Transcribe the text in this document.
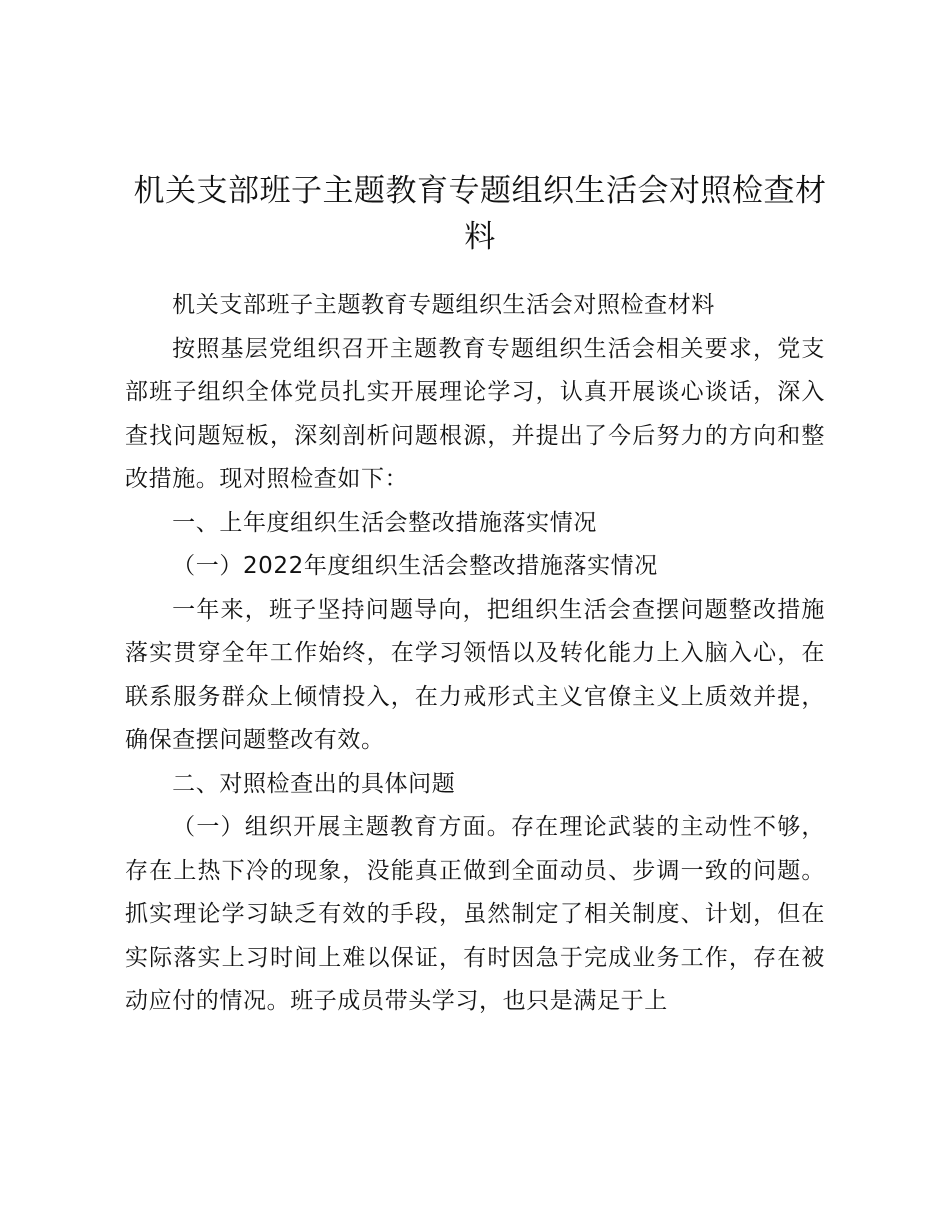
机关支部班子主题教育专题组织生活会对照检查材料

机关支部班子主题教育专题组织生活会对照检查材料

按照基层党组织召开主题教育专题组织生活会相关要求，党支部班子组织全体党员扎实开展理论学习，认真开展谈心谈话，深入查找问题短板，深刻剖析问题根源，并提出了今后努力的方向和整改措施。现对照检查如下：

一、上年度组织生活会整改措施落实情况

（一）2022年度组织生活会整改措施落实情况

一年来，班子坚持问题导向，把组织生活会查摆问题整改措施落实贯穿全年工作始终，在学习领悟以及转化能力上入脑入心，在联系服务群众上倾情投入，在力戒形式主义官僚主义上质效并提，确保查摆问题整改有效。

二、对照检查出的具体问题

（一）组织开展主题教育方面。存在理论武装的主动性不够，存在上热下冷的现象，没能真正做到全面动员、步调一致的问题。抓实理论学习缺乏有效的手段，虽然制定了相关制度、计划，但在实际落实上习时间上难以保证，有时因急于完成业务工作，存在被动应付的情况。班子成员带头学习，也只是满足于上
